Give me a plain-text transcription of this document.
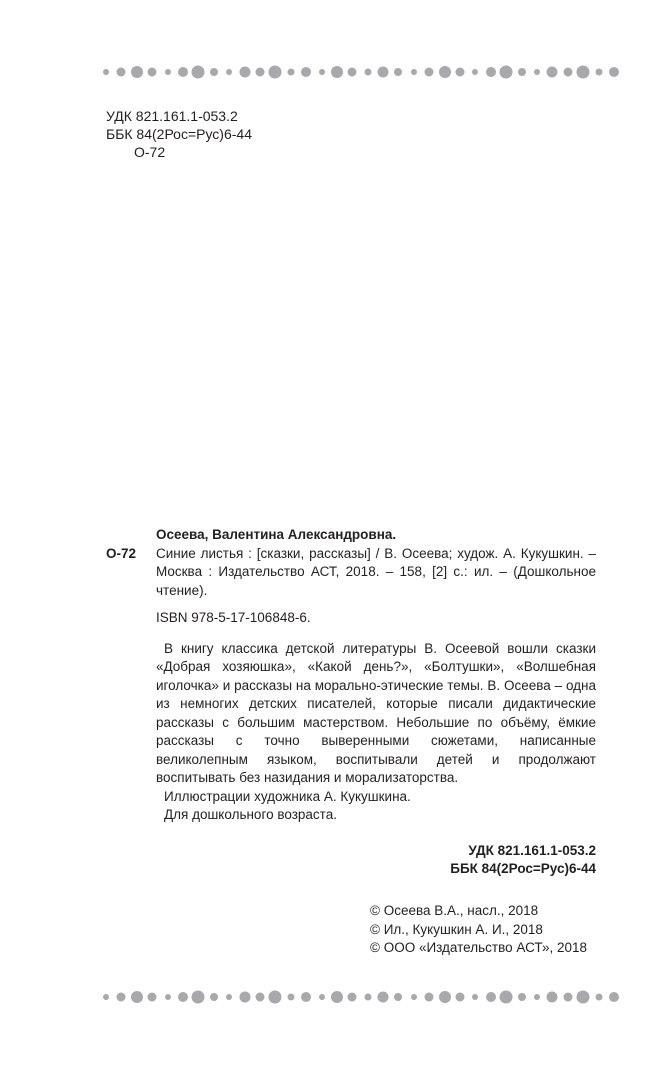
УДК 821.161.1-053.2
ББК 84(2Рос=Рус)6-44
О-72
Осеева, Валентина Александровна.
О-72	Синие листья : [сказки, рассказы] / В. Осеева; худож. А. Кукушкин. – Москва : Издательство АСТ, 2018. – 158, [2] с.: ил. – (Дошкольное чтение).
ISBN 978-5-17-106848-6.
В книгу классика детской литературы В. Осеевой вошли сказки «Добрая хозяюшка», «Какой день?», «Болтушки», «Волшебная иголочка» и рассказы на морально-этические темы. В. Осеева – одна из немногих детских писателей, которые писали дидактические рассказы с большим мастерством. Небольшие по объёму, ёмкие рассказы с точно выверенными сюжетами, написанные великолепным языком, воспитывали детей и продолжают воспитывать без назидания и морализаторства.
Иллюстрации художника А. Кукушкина.
Для дошкольного возраста.
УДК 821.161.1-053.2
ББК 84(2Рос=Рус)6-44
© Осеева В.А., насл., 2018
© Ил., Кукушкин А. И., 2018
© ООО «Издательство АСТ», 2018
